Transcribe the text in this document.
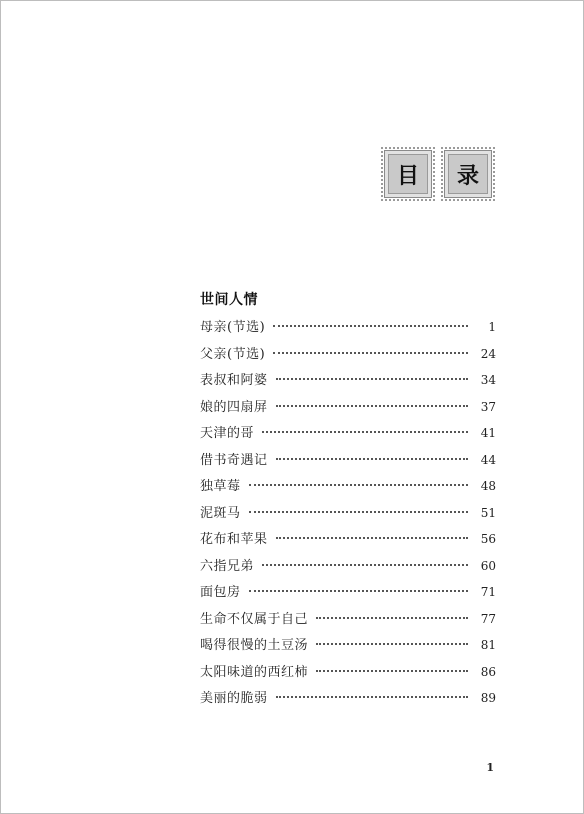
目 录
世间人情
母亲(节选)	1
父亲(节选)	24
表叔和阿婆	34
娘的四扇屏	37
天津的哥	41
借书奇遇记	44
独草莓	48
泥斑马	51
花布和苹果	56
六指兄弟	60
面包房	71
生命不仅属于自己	77
喝得很慢的土豆汤	81
太阳味道的西红柿	86
美丽的脆弱	89
1
